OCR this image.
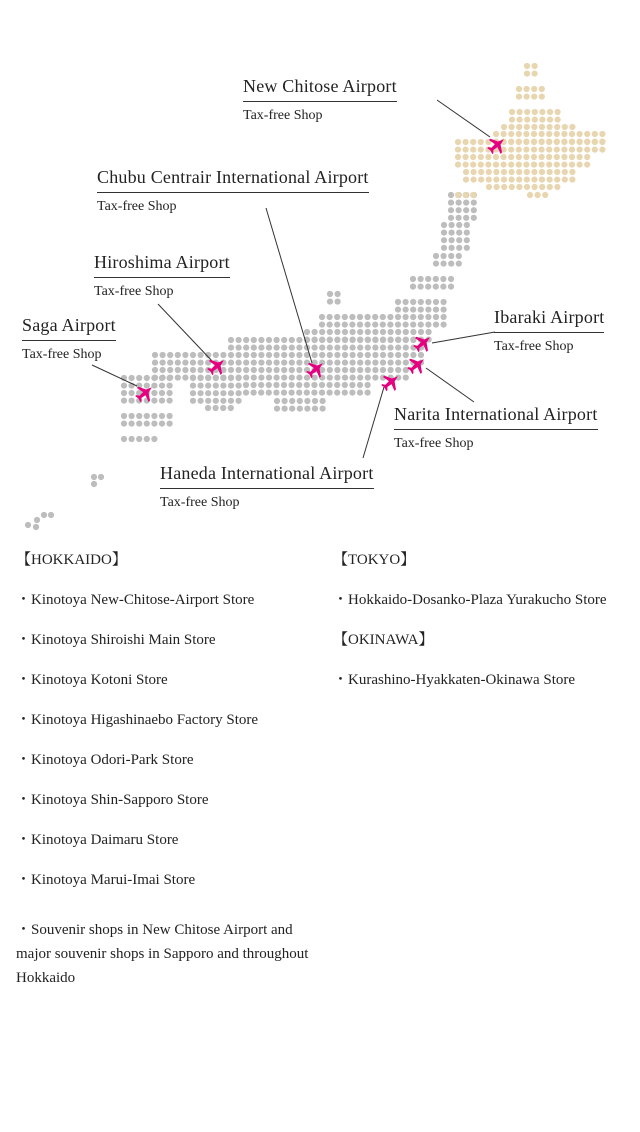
New Chitose Airport
Tax-free Shop
Chubu Centrair International Airport
Tax-free Shop
Hiroshima Airport
Tax-free Shop
Saga Airport
Tax-free Shop
Ibaraki Airport
Tax-free Shop
Narita International Airport
Tax-free Shop
Haneda International Airport
Tax-free Shop
【HOKKAIDO】
・Kinotoya New-Chitose-Airport Store
・Kinotoya Shiroishi Main Store
・Kinotoya Kotoni Store
・Kinotoya Higashinaebo Factory Store
・Kinotoya Odori-Park Store
・Kinotoya Shin-Sapporo Store
・Kinotoya Daimaru Store
・Kinotoya Marui-Imai Store
・Souvenir shops in New Chitose Airport and major souvenir shops in Sapporo and throughout Hokkaido
【TOKYO】
・Hokkaido-Dosanko-Plaza Yurakucho Store
【OKINAWA】
・Kurashino-Hyakkaten-Okinawa Store
